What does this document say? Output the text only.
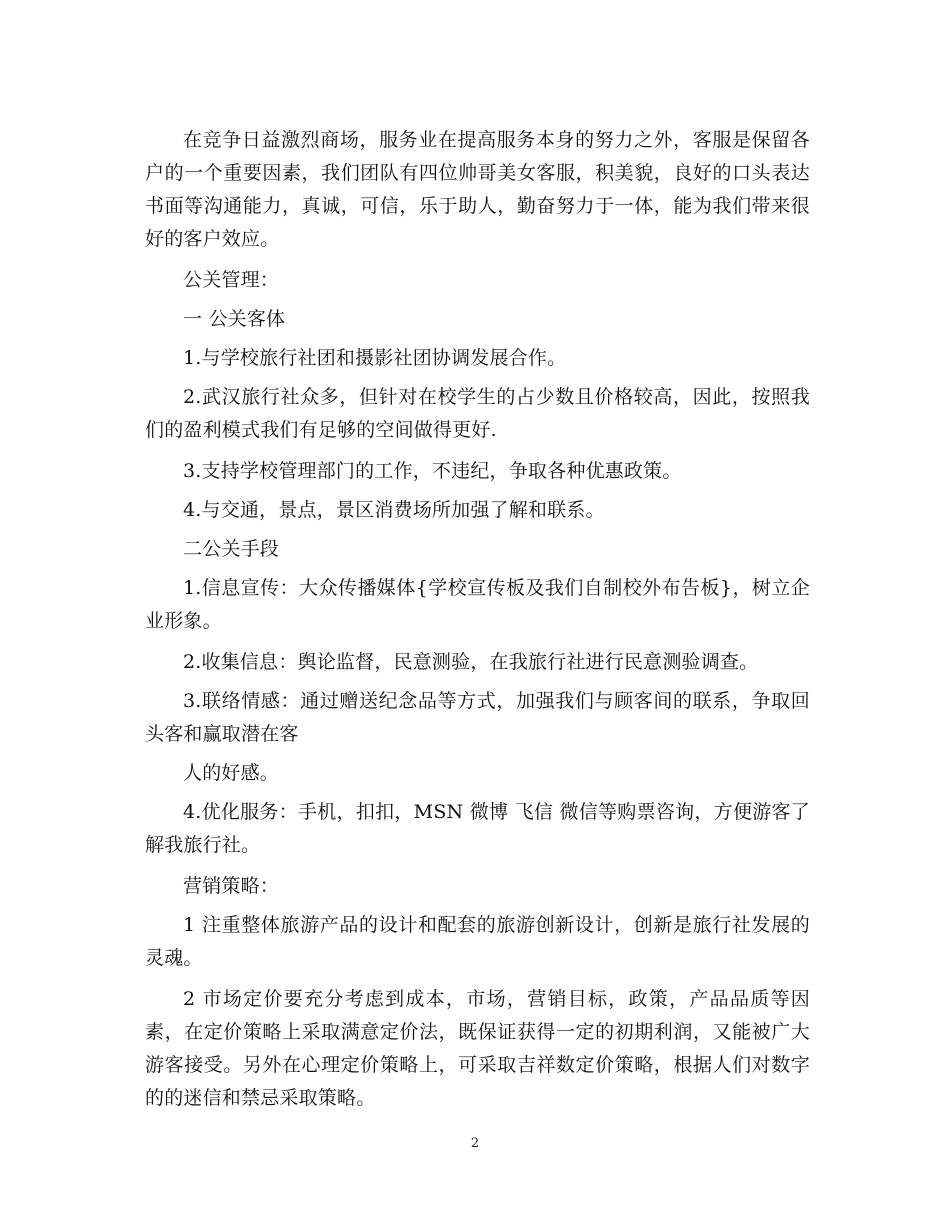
在竞争日益激烈商场，服务业在提高服务本身的努力之外，客服是保留各户的一个重要因素，我们团队有四位帅哥美女客服，积美貌，良好的口头表达 书面等沟通能力，真诚，可信，乐于助人，勤奋努力于一体，能为我们带来很好的客户效应。

公关管理：

一 公关客体

1.与学校旅行社团和摄影社团协调发展合作。

2.武汉旅行社众多，但针对在校学生的占少数且价格较高，因此，按照我们的盈利模式我们有足够的空间做得更好.

3.支持学校管理部门的工作，不违纪，争取各种优惠政策。

4.与交通，景点，景区消费场所加强了解和联系。

二公关手段

1.信息宣传：大众传播媒体{学校宣传板及我们自制校外布告板}，树立企业形象。

2.收集信息：舆论监督，民意测验，在我旅行社进行民意测验调查。

3.联络情感：通过赠送纪念品等方式，加强我们与顾客间的联系，争取回头客和赢取潜在客

人的好感。

4.优化服务：手机，扣扣，MSN 微博 飞信 微信等购票咨询，方便游客了解我旅行社。

营销策略：

1 注重整体旅游产品的设计和配套的旅游创新设计，创新是旅行社发展的灵魂。

2 市场定价要充分考虑到成本，市场，营销目标，政策，产品品质等因素，在定价策略上采取满意定价法，既保证获得一定的初期利润，又能被广大游客接受。另外在心理定价策略上，可采取吉祥数定价策略，根据人们对数字的的迷信和禁忌采取策略。

2
